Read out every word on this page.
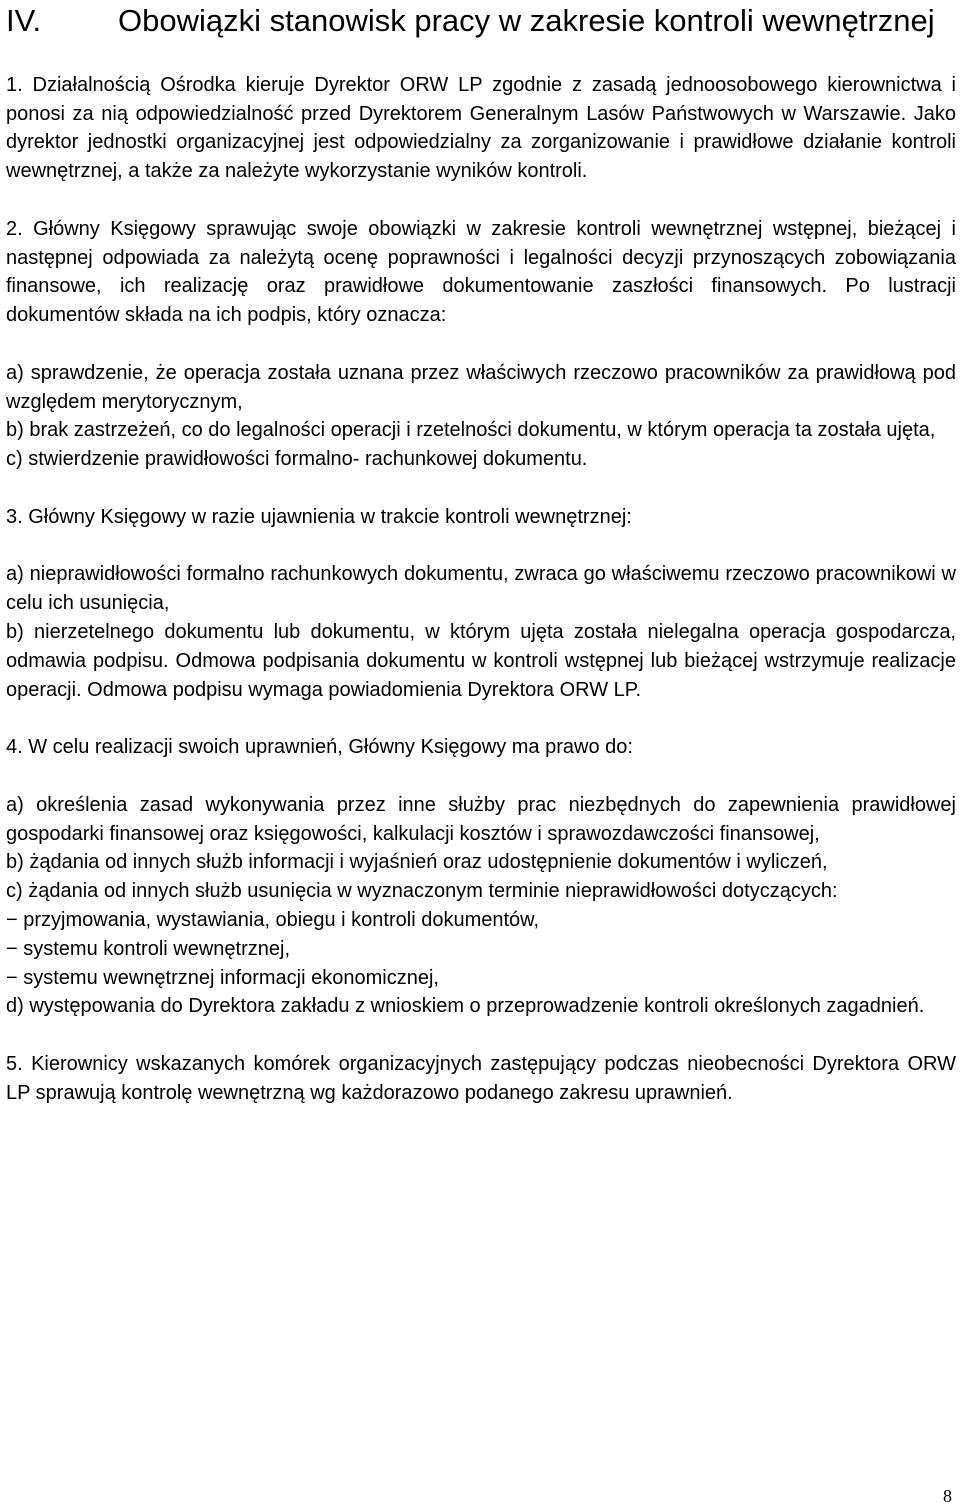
IV.	Obowiązki stanowisk pracy w zakresie kontroli wewnętrznej

1. Działalnością Ośrodka kieruje Dyrektor ORW LP zgodnie z zasadą jednoosobowego kierownictwa i ponosi za nią odpowiedzialność przed Dyrektorem Generalnym Lasów Państwowych w Warszawie. Jako dyrektor jednostki organizacyjnej jest odpowiedzialny za zorganizowanie i prawidłowe działanie kontroli wewnętrznej, a także za należyte wykorzystanie wyników kontroli.

2. Główny Księgowy sprawując swoje obowiązki w zakresie kontroli wewnętrznej wstępnej, bieżącej i następnej odpowiada za należytą ocenę poprawności i legalności decyzji przynoszących zobowiązania finansowe, ich realizację oraz prawidłowe dokumentowanie zaszłości finansowych. Po lustracji dokumentów składa na ich podpis, który oznacza:

a) sprawdzenie, że operacja została uznana przez właściwych rzeczowo pracowników za prawidłową pod względem merytorycznym,

b) brak zastrzeżeń, co do legalności operacji i rzetelności dokumentu, w którym operacja ta została ujęta,

c) stwierdzenie prawidłowości formalno- rachunkowej dokumentu.

3. Główny Księgowy w razie ujawnienia w trakcie kontroli wewnętrznej:

a) nieprawidłowości formalno rachunkowych dokumentu, zwraca go właściwemu rzeczowo pracownikowi w celu ich usunięcia,

b) nierzetelnego dokumentu lub dokumentu, w którym ujęta została nielegalna operacja gospodarcza, odmawia podpisu. Odmowa podpisania dokumentu w kontroli wstępnej lub bieżącej wstrzymuje realizacje operacji. Odmowa podpisu wymaga powiadomienia Dyrektora ORW LP.

4. W celu realizacji swoich uprawnień, Główny Księgowy ma prawo do:

a) określenia zasad wykonywania przez inne służby prac niezbędnych do zapewnienia prawidłowej gospodarki finansowej oraz księgowości, kalkulacji kosztów i sprawozdawczości finansowej,

b) żądania od innych służb informacji i wyjaśnień oraz udostępnienie dokumentów i wyliczeń,

c) żądania od innych służb usunięcia w wyznaczonym terminie nieprawidłowości dotyczących:

− przyjmowania, wystawiania, obiegu i kontroli dokumentów,

− systemu kontroli wewnętrznej,

− systemu wewnętrznej informacji ekonomicznej,

d) występowania do Dyrektora zakładu z wnioskiem o przeprowadzenie kontroli określonych zagadnień.

5. Kierownicy wskazanych komórek organizacyjnych zastępujący podczas nieobecności Dyrektora ORW LP sprawują kontrolę wewnętrzną wg każdorazowo podanego zakresu uprawnień.

8
